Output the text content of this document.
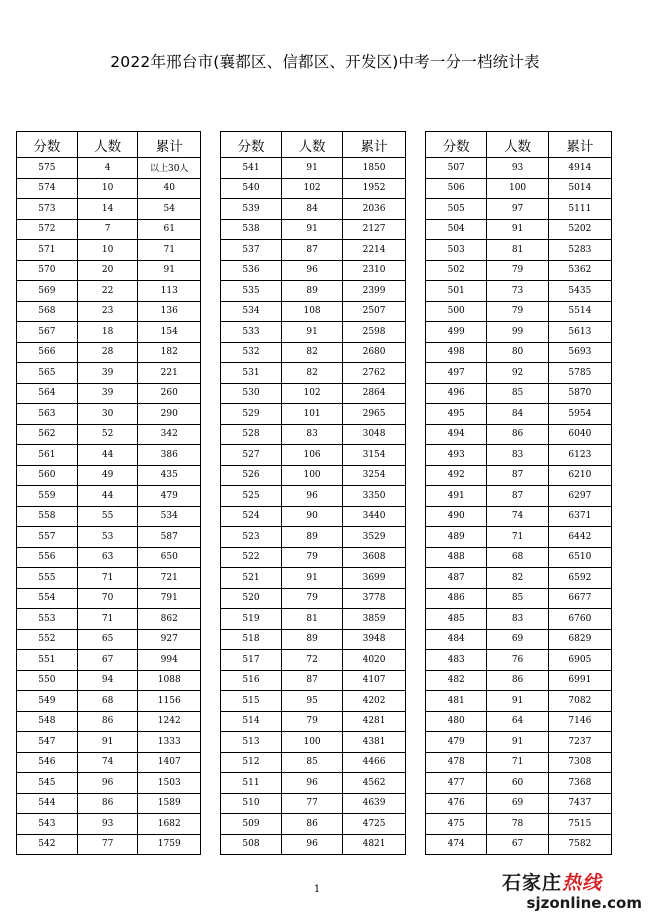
2022年邢台市(襄都区、信都区、开发区)中考一分一档统计表
分数	人数	累计
575	4	以上30人
574	10	40
573	14	54
572	7	61
571	10	71
570	20	91
569	22	113
568	23	136
567	18	154
566	28	182
565	39	221
564	39	260
563	30	290
562	52	342
561	44	386
560	49	435
559	44	479
558	55	534
557	53	587
556	63	650
555	71	721
554	70	791
553	71	862
552	65	927
551	67	994
550	94	1088
549	68	1156
548	86	1242
547	91	1333
546	74	1407
545	96	1503
544	86	1589
543	93	1682
542	77	1759
分数	人数	累计
541	91	1850
540	102	1952
539	84	2036
538	91	2127
537	87	2214
536	96	2310
535	89	2399
534	108	2507
533	91	2598
532	82	2680
531	82	2762
530	102	2864
529	101	2965
528	83	3048
527	106	3154
526	100	3254
525	96	3350
524	90	3440
523	89	3529
522	79	3608
521	91	3699
520	79	3778
519	81	3859
518	89	3948
517	72	4020
516	87	4107
515	95	4202
514	79	4281
513	100	4381
512	85	4466
511	96	4562
510	77	4639
509	86	4725
508	96	4821
分数	人数	累计
507	93	4914
506	100	5014
505	97	5111
504	91	5202
503	81	5283
502	79	5362
501	73	5435
500	79	5514
499	99	5613
498	80	5693
497	92	5785
496	85	5870
495	84	5954
494	86	6040
493	83	6123
492	87	6210
491	87	6297
490	74	6371
489	71	6442
488	68	6510
487	82	6592
486	85	6677
485	83	6760
484	69	6829
483	76	6905
482	86	6991
481	91	7082
480	64	7146
479	91	7237
478	71	7308
477	60	7368
476	69	7437
475	78	7515
474	67	7582
1	石家庄热线
sjzonline.com
